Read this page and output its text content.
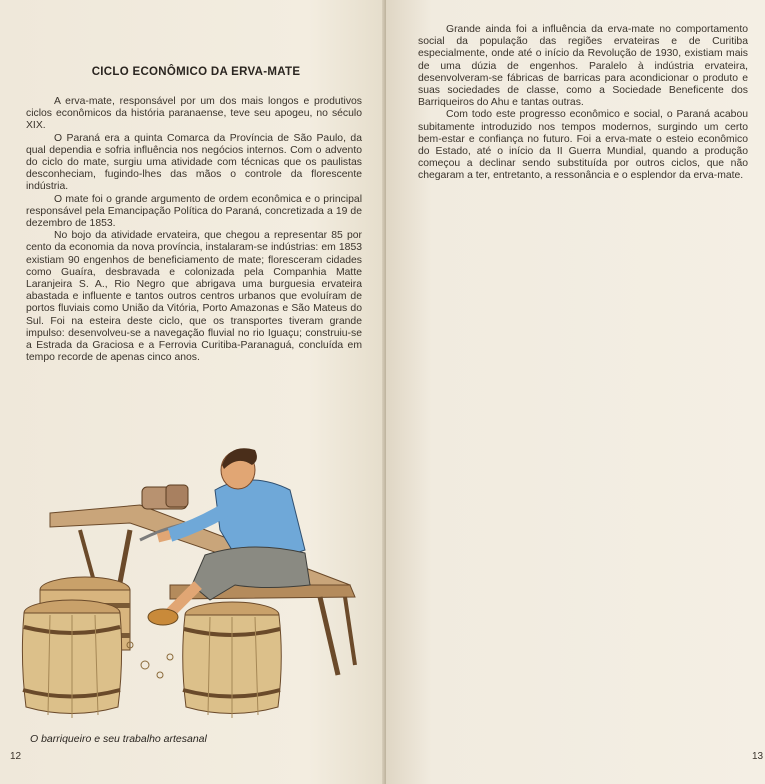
CICLO ECONÔMICO DA ERVA-MATE

A erva-mate, responsável por um dos mais longos e produtivos ciclos econômicos da história paranaense, teve seu apogeu, no século XIX.

O Paraná era a quinta Comarca da Província de São Paulo, da qual dependia e sofria influência nos negócios internos. Com o advento do ciclo do mate, surgiu uma atividade com técnicas que os paulistas desconheciam, fugindo-lhes das mãos o controle da florescente indústria.

O mate foi o grande argumento de ordem econômica e o principal responsável pela Emancipação Política do Paraná, concretizada a 19 de dezembro de 1853.

No bojo da atividade ervateira, que chegou a representar 85 por cento da economia da nova província, instalaram-se indústrias: em 1853 existiam 90 engenhos de beneficiamento de mate; floresceram cidades como Guaíra, desbravada e colonizada pela Companhia Matte Laranjeira S. A., Rio Negro que abrigava uma burguesia ervateira abastada e influente e tantos outros centros urbanos que evoluíram de portos fluviais como União da Vitória, Porto Amazonas e São Mateus do Sul. Foi na esteira deste ciclo, que os transportes tiveram grande impulso: desenvolveu-se a navegação fluvial no rio Iguaçu; construiu-se a Estrada da Graciosa e a Ferrovia Curitiba-Paranaguá, concluída em tempo recorde de apenas cinco anos.

O barriqueiro e seu trabalho artesanal
12

Grande ainda foi a influência da erva-mate no comportamento social da população das regiões ervateiras e de Curitiba especialmente, onde até o início da Revolução de 1930, existiam mais de uma dúzia de engenhos. Paralelo à indústria ervateira, desenvolveram-se fábricas de barricas para acondicionar o produto e suas sociedades de classe, como a Sociedade Beneficente dos Barriqueiros do Ahu e tantas outras.

Com todo este progresso econômico e social, o Paraná acabou subitamente introduzido nos tempos modernos, surgindo um certo bem-estar e confiança no futuro. Foi a erva-mate o esteio econômico do Estado, até o início da II Guerra Mundial, quando a produção começou a declinar sendo substituída por outros ciclos, que não chegaram a ter, entretanto, a ressonância e o esplendor da erva-mate.

13
